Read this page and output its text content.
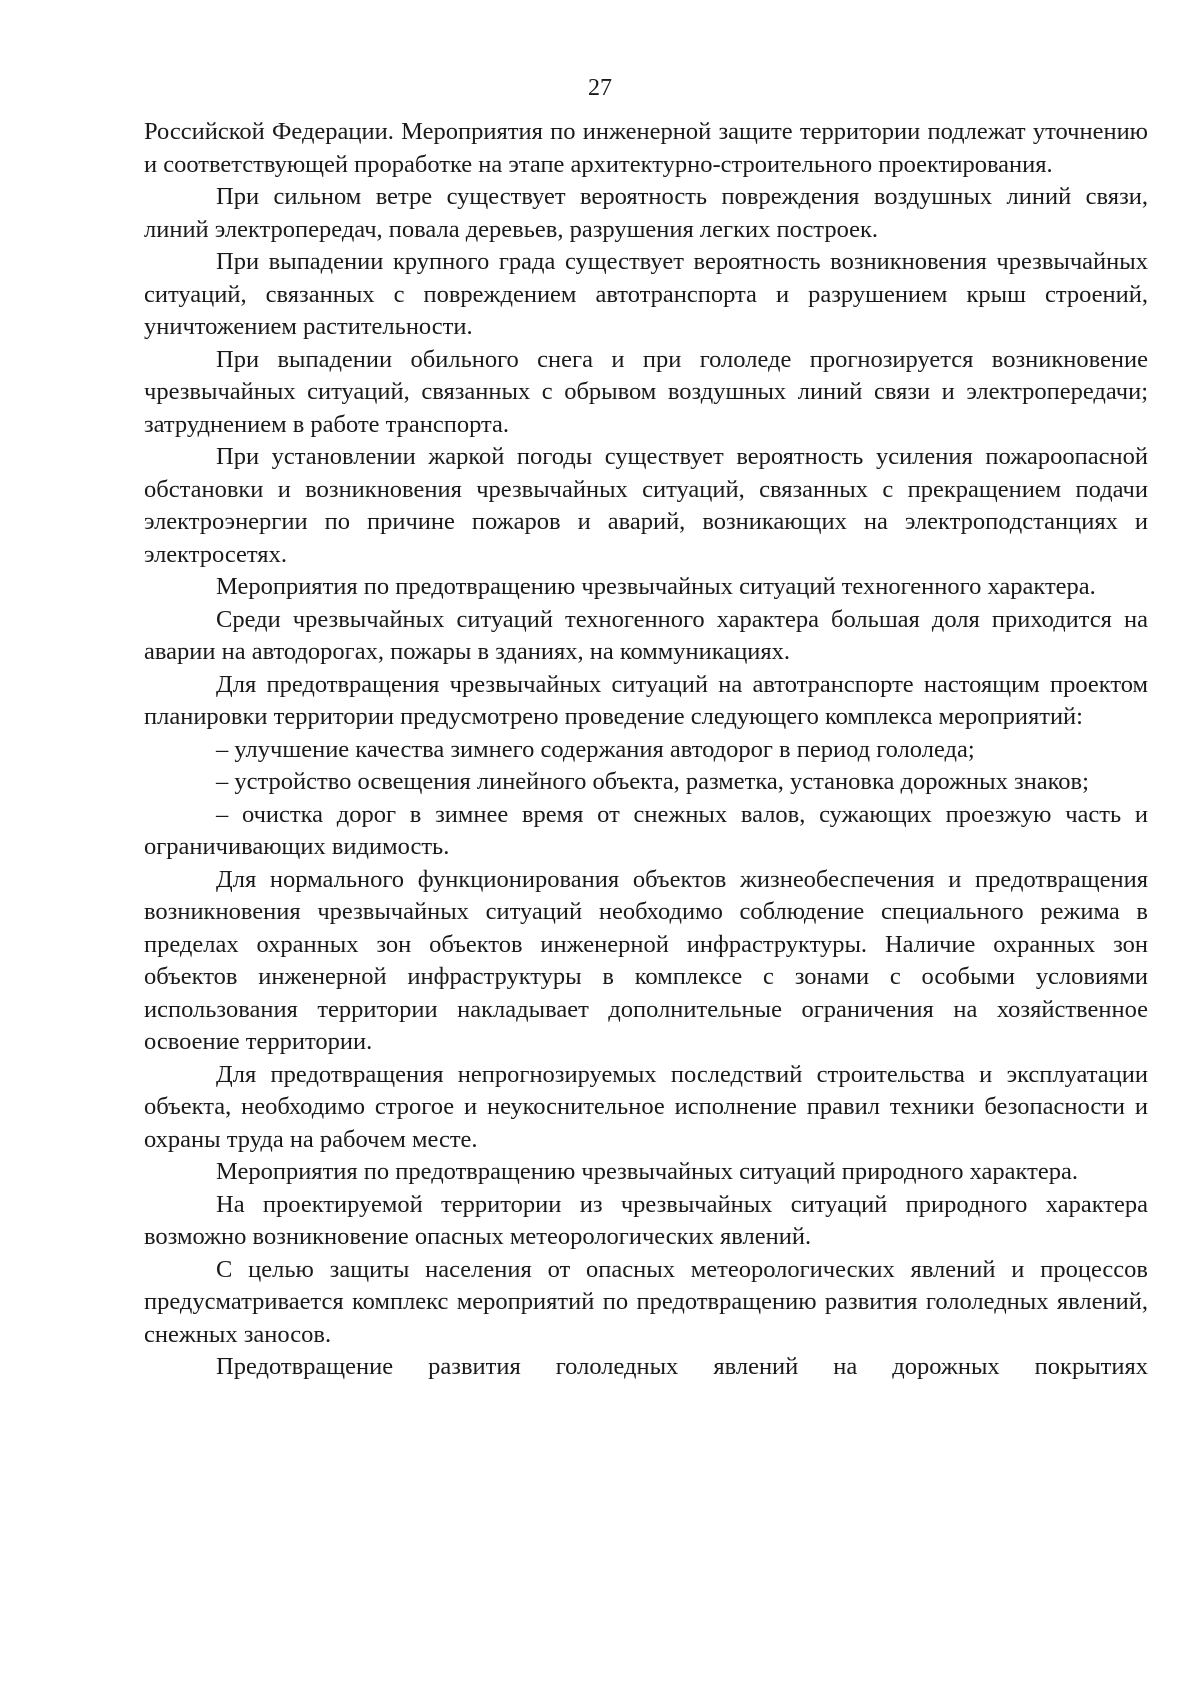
27

Российской Федерации. Мероприятия по инженерной защите территории подлежат уточнению и соответствующей проработке на этапе архитектурно-строительного проектирования.

При сильном ветре существует вероятность повреждения воздушных линий связи, линий электропередач, повала деревьев, разрушения легких построек.

При выпадении крупного града существует вероятность возникновения чрезвычайных ситуаций, связанных с повреждением автотранспорта и разрушением крыш строений, уничтожением растительности.

При выпадении обильного снега и при гололеде прогнозируется возникновение чрезвычайных ситуаций, связанных с обрывом воздушных линий связи и электропередачи; затруднением в работе транспорта.

При установлении жаркой погоды существует вероятность усиления пожароопасной обстановки и возникновения чрезвычайных ситуаций, связанных с прекращением подачи электроэнергии по причине пожаров и аварий, возникающих на электроподстанциях и электросетях.

Мероприятия по предотвращению чрезвычайных ситуаций техногенного характера.

Среди чрезвычайных ситуаций техногенного характера большая доля приходится на аварии на автодорогах, пожары в зданиях, на коммуникациях.

Для предотвращения чрезвычайных ситуаций на автотранспорте настоящим проектом планировки территории предусмотрено проведение следующего комплекса мероприятий:

– улучшение качества зимнего содержания автодорог в период гололеда;

– устройство освещения линейного объекта, разметка, установка дорожных знаков;

– очистка дорог в зимнее время от снежных валов, сужающих проезжую часть и ограничивающих видимость.

Для нормального функционирования объектов жизнеобеспечения и предотвращения возникновения чрезвычайных ситуаций необходимо соблюдение специального режима в пределах охранных зон объектов инженерной инфраструктуры. Наличие охранных зон объектов инженерной инфраструктуры в комплексе с зонами с особыми условиями использования территории накладывает дополнительные ограничения на хозяйственное освоение территории.

Для предотвращения непрогнозируемых последствий строительства и эксплуатации объекта, необходимо строгое и неукоснительное исполнение правил техники безопасности и охраны труда на рабочем месте.

Мероприятия по предотвращению чрезвычайных ситуаций природного характера.

На проектируемой территории из чрезвычайных ситуаций природного характера возможно возникновение опасных метеорологических явлений.

С целью защиты населения от опасных метеорологических явлений и процессов предусматривается комплекс мероприятий по предотвращению развития гололедных явлений, снежных заносов.

Предотвращение развития гололедных явлений на дорожных покрытиях
